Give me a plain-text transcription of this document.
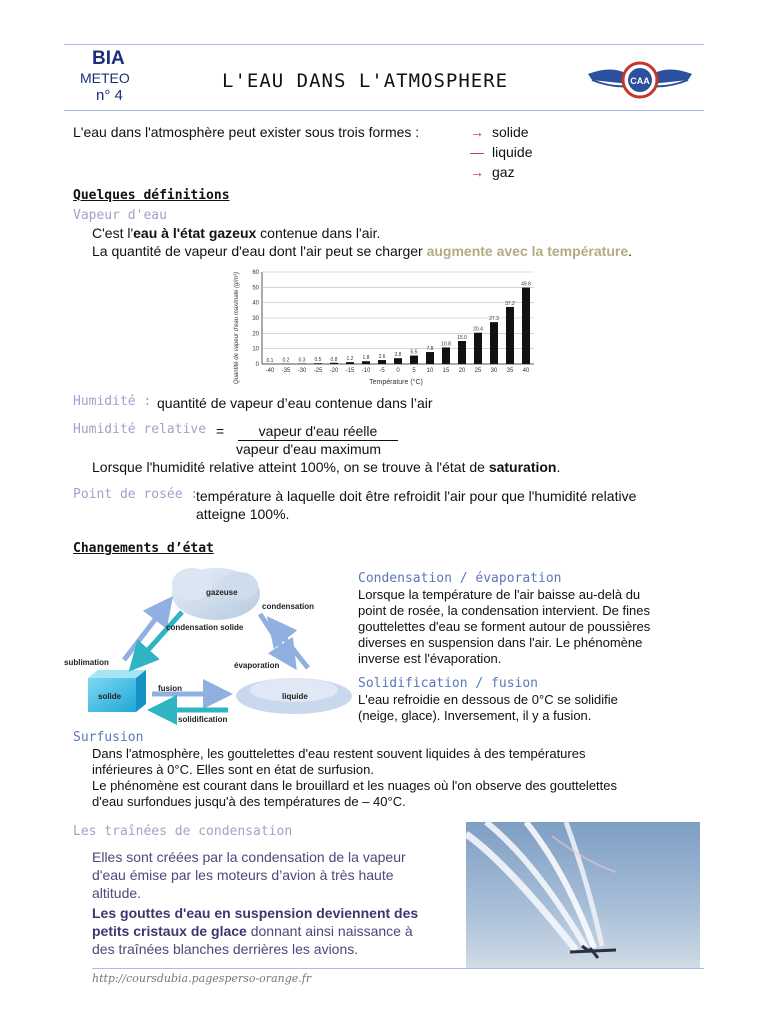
BIA
METEO
n° 4
L'EAU DANS L'ATMOSPHERE	CAA
L'eau dans l'atmosphère peut exister sous trois formes :	→ solide
— liquide
→ gaz
Quelques définitions
Vapeur d'eau
C'est l'eau à l'état gazeux contenue dans l'air.
La quantité de vapeur d'eau dont l'air peut se charger augmente avec la température.
Quantité de vapeur d'eau maximale (g/m³)	Température (°C)
0
10
20
30
40
50
60
0.1
-40
0.2
-35
0.3
-30
0.5
-25
0.8
-20
1.2
-15
1.8
-10
2.6
-5
3.8
0
5.5
5
7.8
10
10.8
15
15.0
20
20.4
25
27.3
30
37.2
35
49.8
40
Humidité : quantité de vapeur d’eau contenue dans l’air
Humidité relative =	vapeur d'eau réelle
vapeur d'eau maximum
Lorsque l'humidité relative atteint 100%, on se trouve à l'état de saturation.
Point de rosée :
température à laquelle doit être refroidit l'air pour que l'humidité relative
atteigne 100%.
Changements d’état
gazeuse
solide	liquide
condensation
condensation solide
sublimation	évaporation
fusion
solidification
Condensation / évaporation
Lorsque la température de l'air baisse au-delà du
point de rosée, la condensation intervient. De fines
gouttelettes d'eau se forment autour de poussières
diverses en suspension dans l'air. Le phénomène
inverse est l'évaporation.
Solidification / fusion
L'eau refroidie en dessous de 0°C se solidifie
(neige, glace). Inversement, il y a fusion.
Surfusion
Dans l'atmosphère, les gouttelettes d'eau restent souvent liquides à des températures
inférieures à 0°C. Elles sont en état de surfusion.
Le phénomène est courant dans le brouillard et les nuages où l'on observe des gouttelettes
d'eau surfondues jusqu'à des températures de – 40°C.
Les traînées de condensation
Elles sont créées par la condensation de la vapeur
d'eau émise par les moteurs d’avion à très haute
altitude.
Les gouttes d'eau en suspension deviennent des
petits cristaux de glace donnant ainsi naissance à
des traînées blanches derrières les avions.
http://coursdubia.pagesperso-orange.fr
